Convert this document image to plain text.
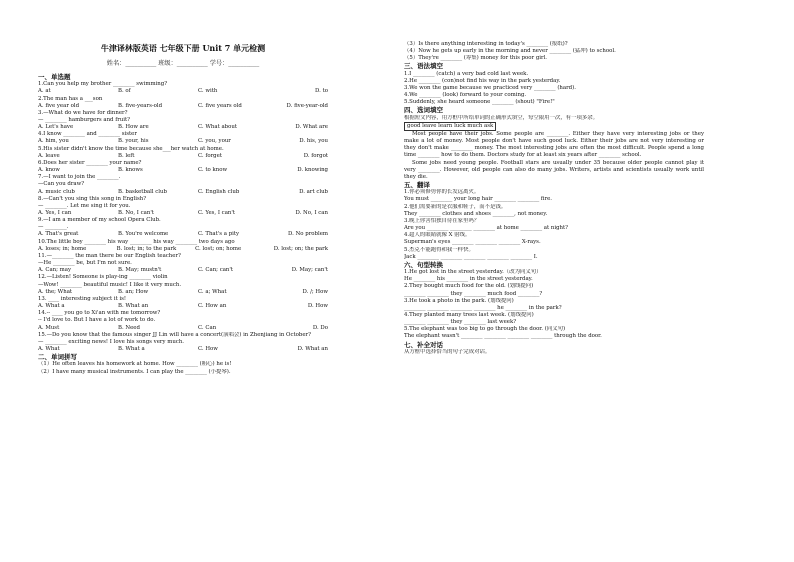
牛津译林版英语 七年级下册 Unit 7 单元检测
姓名：__________ 班级：__________ 学号：__________
一、单选题
1.Can you help my brother ________ swimming?
A. at	B. of	C. with	D. to
2.The man has a ___son
A. five year old	B. five-years-old	C. five years old	D. five-year-old
3.—What do we have for dinner?
— ________ hamburgers and fruit?
A. Let's have	B. How are	C. What about	D. What are
4.I know ________ and ________ sister
A. him, you	B. your, his	C. you, your	D. his, you
5.His sister didn't know the time because she___her watch at home.
A. leave	B. left	C. forget	D. forgot
6.Does her sister ________ your name?
A. know	B. knows	C. to know	D. knowing
7.—I want to join the ________.
—Can you draw?
A. music club	B. basketball club	C. English club	D. art club
8.—Can't you sing this song in English?
— ________. Let me sing it for you.
A. Yes, I can	B. No, I can't	C. Yes, I can't	D. No, I can
9.—I am a member of my school Opera Club.
— ________.
A. That's great	B. You're welcome	C. That's a pity	D. No problem
10.The little boy ________ his way ________ his way ________ two days ago
A. loses; in; home	B. lost; in; to the park	C. lost; on; home	D. lost; on; the park
11.—________ the man there be our English teacher?
—He ________ be, but I'm not sure.
A. Can; may	B. May; mustn't	C. Can; can't	D. May; can't
12.—Listen! Someone is play-ing ________ violin
—Wow! ________ beautiful music! I like it very much.
A. the; What	B. an; How	C. a; What	D. /; How
13. ____ interesting subject it is!
A. What a	B. What an	C. How an	D. How
14.-- ____ you go to Xi'an with me tomorrow?
-- I'd love to. But I have a lot of work to do.
A. Must	B. Need	C. Can	D. Do
15.—Do you know that the famous singer JJ Lin will have a concert(演唱会) in Zhenjiang in October?
— ________ exciting news! I love his songs very much.
A. What	B. What a	C. How	D. What an
二、单词拼写
（1）He often leaves his homework at home. How ________ (粗心) he is!
（2）I have many musical instruments. I can play the ________ (小提琴).
（3）Is there anything interesting in today's ________ (报纸)?
（4）Now he gets up early in the morning and never ________ (猛冲) to school.
（5）They're ________ (筹集) money for this poor girl.
三、语法填空
1.I ________ (catch) a very bad cold last week.
2.He ________ (con)not find his way in the park yesterday.
3.We won the game because we practiced very ________ (hard).
4.We ________ (look) forward to your coming.
5.Suddenly, she heard someone ________ (shout) "Fire!"
四、选词填空
根据短文内容，用方框中所给单词的正确形式填空，每空限用一次，有一项多余。
good leave learn luck much ask
Most people have their jobs. Some people are ________. Either they have very interesting jobs or they make a lot of money. Most people don't have such good luck. Either their jobs are not very interesting or they don't make ________ money. The most interesting jobs are often the most difficult. People spend a long time ________ how to do them. Doctors study for at least six years after ________ school.
Some jobs need young people. Football stars are usually under 35 because older people cannot play it very ________. However, old people can also do many jobs. Writers, artists and scientists usually work until they die.
五、翻译
1.你必须修剪你的长发远离火。
You must ________ your long hair ________ ________ fire.
2.他们需要新的是衣服和鞋子，而不是钱。
They ________ clothes and shoes ________, not money.
3.晚上你害怕独自待在家里吗？
Are you ________ ________ ________ at home ________ at night?
4.超人的眼睛就像 X 射线。
Superman's eyes ________ ________ ________ X-rays.
5.杰克不能跑得和我一样快。
Jack ________ ________ ________ ________ ________ I.
六、句型转换
1.He got lost in the street yesterday.（改为同义句）
He ________ his ________ in the street yesterday.
2.They bought much food for the old. (划线提问)
________ ________ they ________ much food ________?
3.He took a photo in the park. (划线提问)
________ ________ ________ ________ he ________ in the park?
4.They planted many trees last week. (划线提问)
________ ________ they ________ last week?
5.The elephant was too big to go through the door. (同义句)
The elephant wasn't ________ ________ ________ ________ through the door.
七、补全对话
从方框中选择恰当的句子完成对话。
